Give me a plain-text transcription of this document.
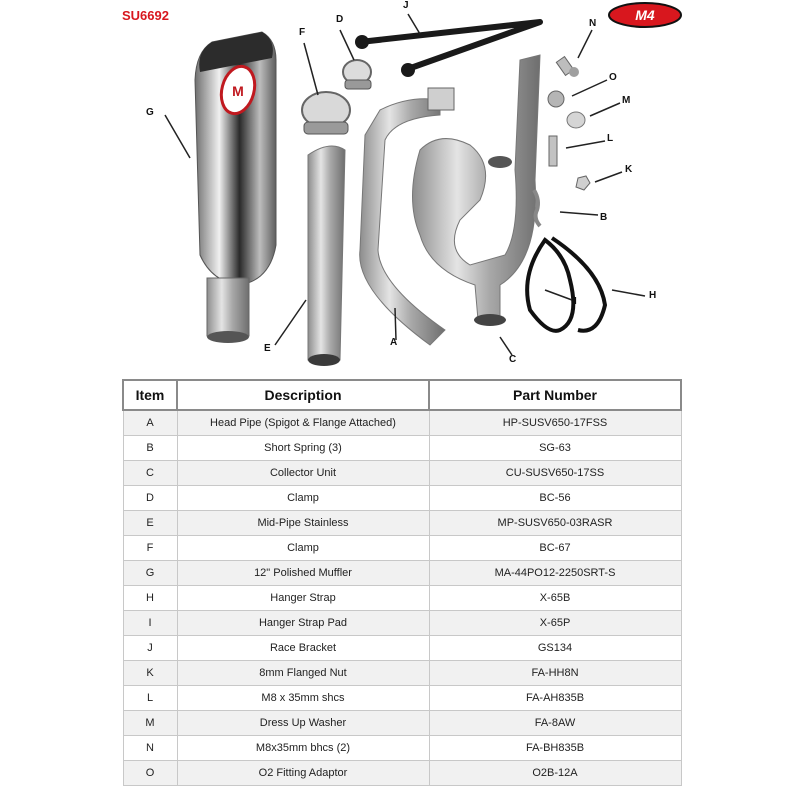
SU6692	M4
M
G
F
D
J
N
O
M
L
K
B
H
I
E
A
C
Item	Description	Part Number
A	Head Pipe (Spigot & Flange Attached)	HP-SUSV650-17FSS
B	Short Spring (3)	SG-63
C	Collector Unit	CU-SUSV650-17SS
D	Clamp	BC-56
E	Mid-Pipe Stainless	MP-SUSV650-03RASR
F	Clamp	BC-67
G	12" Polished Muffler	MA-44PO12-2250SRT-S
H	Hanger Strap	X-65B
I	Hanger Strap Pad	X-65P
J	Race Bracket	GS134
K	8mm Flanged Nut	FA-HH8N
L	M8 x 35mm shcs	FA-AH835B
M	Dress Up Washer	FA-8AW
N	M8x35mm bhcs (2)	FA-BH835B
O	O2 Fitting Adaptor	O2B-12A
